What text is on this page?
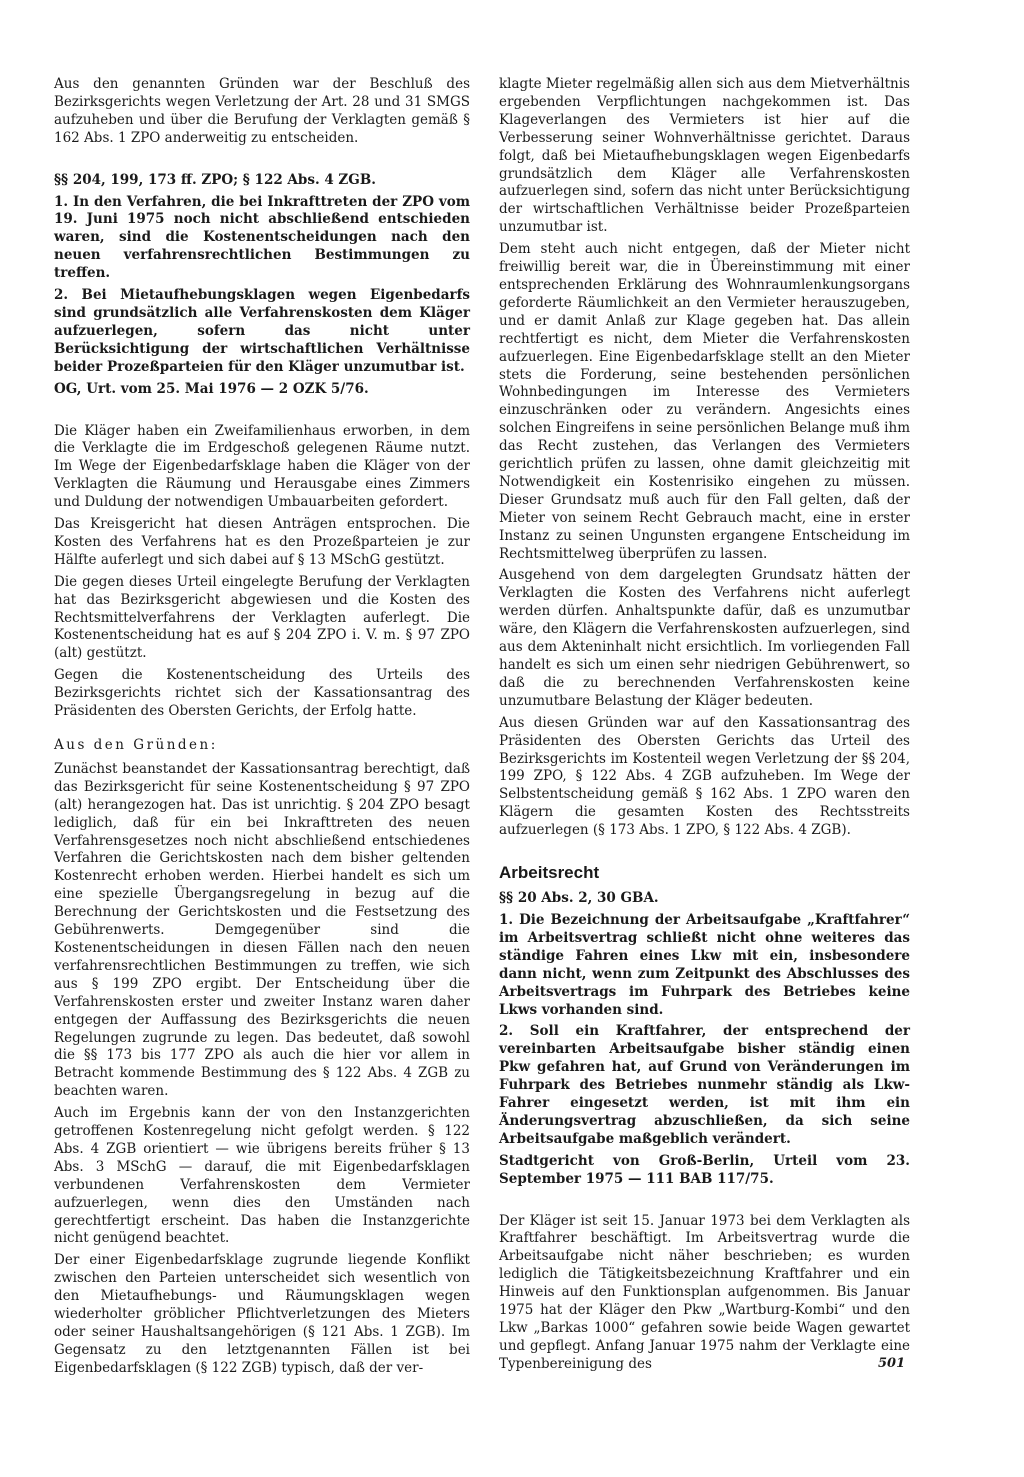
Aus den genannten Gründen war der Beschluß des Bezirksgerichts wegen Verletzung der Art. 28 und 31 SMGS aufzuheben und über die Berufung der Verklagten gemäß § 162 Abs. 1 ZPO anderweitig zu entscheiden.

§§ 204, 199, 173 ff. ZPO; § 122 Abs. 4 ZGB.

1. In den Verfahren, die bei Inkrafttreten der ZPO vom 19. Juni 1975 noch nicht abschließend entschieden waren, sind die Kostenentscheidungen nach den neuen verfahrensrechtlichen Bestimmungen zu treffen.

2. Bei Mietaufhebungsklagen wegen Eigenbedarfs sind grundsätzlich alle Verfahrenskosten dem Kläger aufzuerlegen, sofern das nicht unter Berücksichtigung der wirtschaftlichen Verhältnisse beider Prozeßparteien für den Kläger unzumutbar ist.

OG, Urt. vom 25. Mai 1976 — 2 OZK 5/76.

Die Kläger haben ein Zweifamilienhaus erworben, in dem die Verklagte die im Erdgeschoß gelegenen Räume nutzt. Im Wege der Eigenbedarfsklage haben die Kläger von der Verklagten die Räumung und Herausgabe eines Zimmers und Duldung der notwendigen Umbauarbeiten gefordert.

Das Kreisgericht hat diesen Anträgen entsprochen. Die Kosten des Verfahrens hat es den Prozeßparteien je zur Hälfte auferlegt und sich dabei auf § 13 MSchG gestützt.

Die gegen dieses Urteil eingelegte Berufung der Verklagten hat das Bezirksgericht abgewiesen und die Kosten des Rechtsmittelverfahrens der Verklagten auferlegt. Die Kostenentscheidung hat es auf § 204 ZPO i. V. m. § 97 ZPO (alt) gestützt.

Gegen die Kostenentscheidung des Urteils des Bezirksgerichts richtet sich der Kassationsantrag des Präsidenten des Obersten Gerichts, der Erfolg hatte.

Aus den Gründen:

Zunächst beanstandet der Kassationsantrag berechtigt, daß das Bezirksgericht für seine Kostenentscheidung § 97 ZPO (alt) herangezogen hat. Das ist unrichtig. § 204 ZPO besagt lediglich, daß für ein bei Inkrafttreten des neuen Verfahrensgesetzes noch nicht abschließend entschiedenes Verfahren die Gerichtskosten nach dem bisher geltenden Kostenrecht erhoben werden. Hierbei handelt es sich um eine spezielle Übergangsregelung in bezug auf die Berechnung der Gerichtskosten und die Festsetzung des Gebührenwerts. Demgegenüber sind die Kostenentscheidungen in diesen Fällen nach den neuen verfahrensrechtlichen Bestimmungen zu treffen, wie sich aus § 199 ZPO ergibt. Der Entscheidung über die Verfahrenskosten erster und zweiter Instanz waren daher entgegen der Auffassung des Bezirksgerichts die neuen Regelungen zugrunde zu legen. Das bedeutet, daß sowohl die §§ 173 bis 177 ZPO als auch die hier vor allem in Betracht kommende Bestimmung des § 122 Abs. 4 ZGB zu beachten waren.

Auch im Ergebnis kann der von den Instanzgerichten getroffenen Kostenregelung nicht gefolgt werden. § 122 Abs. 4 ZGB orientiert — wie übrigens bereits früher § 13 Abs. 3 MSchG — darauf, die mit Eigenbedarfsklagen verbundenen Verfahrenskosten dem Vermieter aufzuerlegen, wenn dies den Umständen nach gerechtfertigt erscheint. Das haben die Instanzgerichte nicht genügend beachtet.

Der einer Eigenbedarfsklage zugrunde liegende Konflikt zwischen den Parteien unterscheidet sich wesentlich von den Mietaufhebungs- und Räumungsklagen wegen wiederholter gröblicher Pflichtverletzungen des Mieters oder seiner Haushaltsangehörigen (§ 121 Abs. 1 ZGB). Im Gegensatz zu den letztgenannten Fällen ist bei Eigenbedarfsklagen (§ 122 ZGB) typisch, daß der ver-

klagte Mieter regelmäßig allen sich aus dem Mietverhältnis ergebenden Verpflichtungen nachgekommen ist. Das Klageverlangen des Vermieters ist hier auf die Verbesserung seiner Wohnverhältnisse gerichtet. Daraus folgt, daß bei Mietaufhebungsklagen wegen Eigenbedarfs grundsätzlich dem Kläger alle Verfahrenskosten aufzuerlegen sind, sofern das nicht unter Berücksichtigung der wirtschaftlichen Verhältnisse beider Prozeßparteien unzumutbar ist.

Dem steht auch nicht entgegen, daß der Mieter nicht freiwillig bereit war, die in Übereinstimmung mit einer entsprechenden Erklärung des Wohnraumlenkungsorgans geforderte Räumlichkeit an den Vermieter herauszugeben, und er damit Anlaß zur Klage gegeben hat. Das allein rechtfertigt es nicht, dem Mieter die Verfahrenskosten aufzuerlegen. Eine Eigenbedarfsklage stellt an den Mieter stets die Forderung, seine bestehenden persönlichen Wohnbedingungen im Interesse des Vermieters einzuschränken oder zu verändern. Angesichts eines solchen Eingreifens in seine persönlichen Belange muß ihm das Recht zustehen, das Verlangen des Vermieters gerichtlich prüfen zu lassen, ohne damit gleichzeitig mit Notwendigkeit ein Kostenrisiko eingehen zu müssen. Dieser Grundsatz muß auch für den Fall gelten, daß der Mieter von seinem Recht Gebrauch macht, eine in erster Instanz zu seinen Ungunsten ergangene Entscheidung im Rechtsmittelweg überprüfen zu lassen.

Ausgehend von dem dargelegten Grundsatz hätten der Verklagten die Kosten des Verfahrens nicht auferlegt werden dürfen. Anhaltspunkte dafür, daß es unzumutbar wäre, den Klägern die Verfahrenskosten aufzuerlegen, sind aus dem Akteninhalt nicht ersichtlich. Im vorliegenden Fall handelt es sich um einen sehr niedrigen Gebührenwert, so daß die zu berechnenden Verfahrenskosten keine unzumutbare Belastung der Kläger bedeuten.

Aus diesen Gründen war auf den Kassationsantrag des Präsidenten des Obersten Gerichts das Urteil des Bezirksgerichts im Kostenteil wegen Verletzung der §§ 204, 199 ZPO, § 122 Abs. 4 ZGB aufzuheben. Im Wege der Selbstentscheidung gemäß § 162 Abs. 1 ZPO waren den Klägern die gesamten Kosten des Rechtsstreits aufzuerlegen (§ 173 Abs. 1 ZPO, § 122 Abs. 4 ZGB).

Arbeitsrecht

§§ 20 Abs. 2, 30 GBA.

1. Die Bezeichnung der Arbeitsaufgabe „Kraftfahrer“ im Arbeitsvertrag schließt nicht ohne weiteres das ständige Fahren eines Lkw mit ein, insbesondere dann nicht, wenn zum Zeitpunkt des Abschlusses des Arbeitsvertrags im Fuhrpark des Betriebes keine Lkws vorhanden sind.

2. Soll ein Kraftfahrer, der entsprechend der vereinbarten Arbeitsaufgabe bisher ständig einen Pkw gefahren hat, auf Grund von Veränderungen im Fuhrpark des Betriebes nunmehr ständig als Lkw-Fahrer eingesetzt werden, ist mit ihm ein Änderungsvertrag abzuschließen, da sich seine Arbeitsaufgabe maßgeblich verändert.

Stadtgericht von Groß-Berlin, Urteil vom 23. September 1975 — 111 BAB 117/75.

Der Kläger ist seit 15. Januar 1973 bei dem Verklagten als Kraftfahrer beschäftigt. Im Arbeitsvertrag wurde die Arbeitsaufgabe nicht näher beschrieben; es wurden lediglich die Tätigkeitsbezeichnung Kraftfahrer und ein Hinweis auf den Funktionsplan aufgenommen. Bis Januar 1975 hat der Kläger den Pkw „Wartburg-Kombi“ und den Lkw „Barkas 1000“ gefahren sowie beide Wagen gewartet und gepflegt. Anfang Januar 1975 nahm der Verklagte eine Typenbereinigung des	501
